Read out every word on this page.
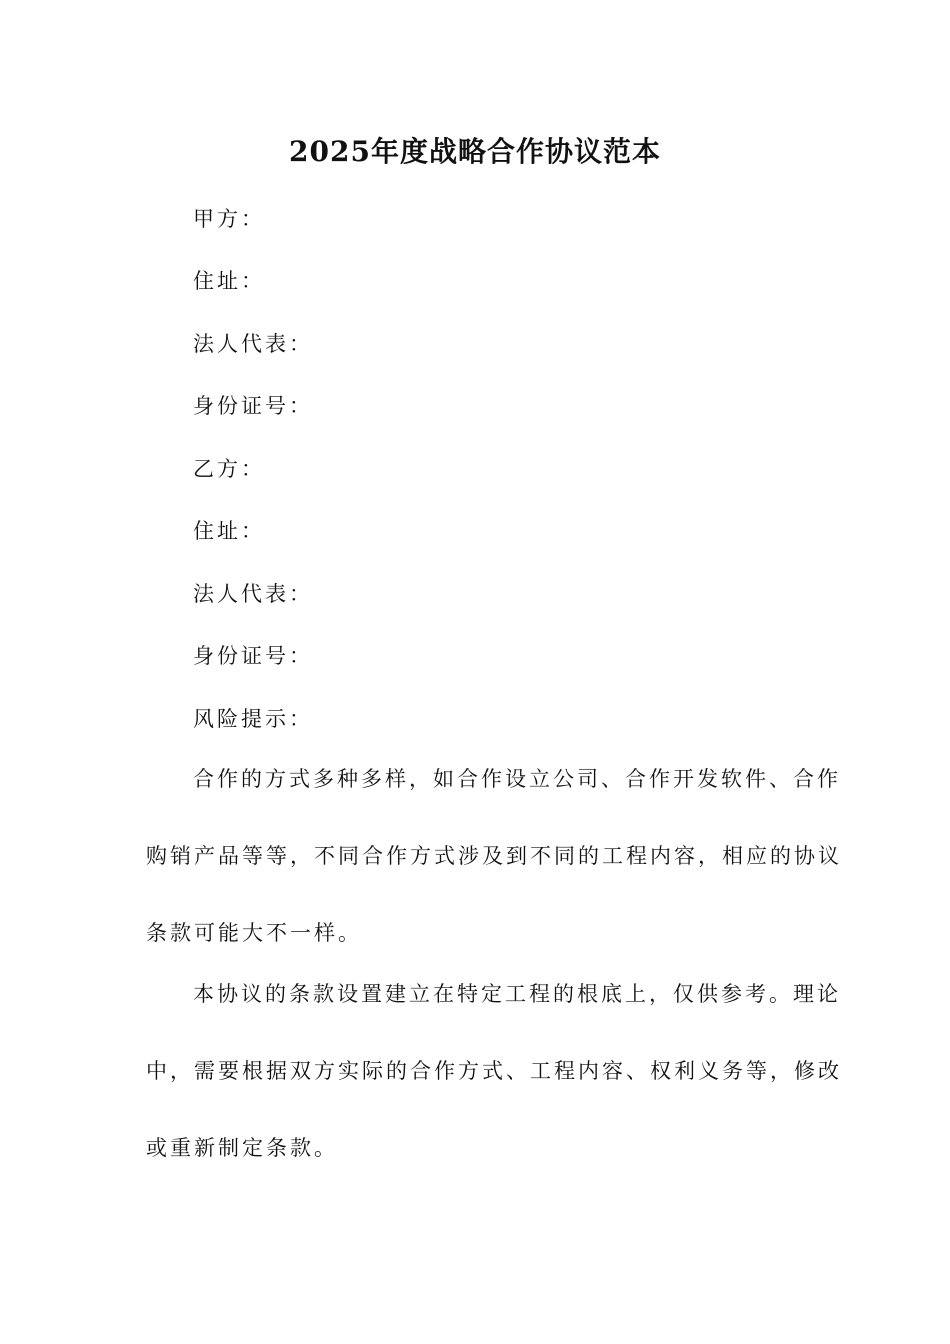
2025年度战略合作协议范本
甲方：
住址：
法人代表：
身份证号：
乙方：
住址：
法人代表：
身份证号：
风险提示：
合作的方式多种多样，如合作设立公司、合作开发软件、合作
购销产品等等，不同合作方式涉及到不同的工程内容，相应的协议
条款可能大不一样。
本协议的条款设置建立在特定工程的根底上，仅供参考。理论
中，需要根据双方实际的合作方式、工程内容、权利义务等，修改
或重新制定条款。
